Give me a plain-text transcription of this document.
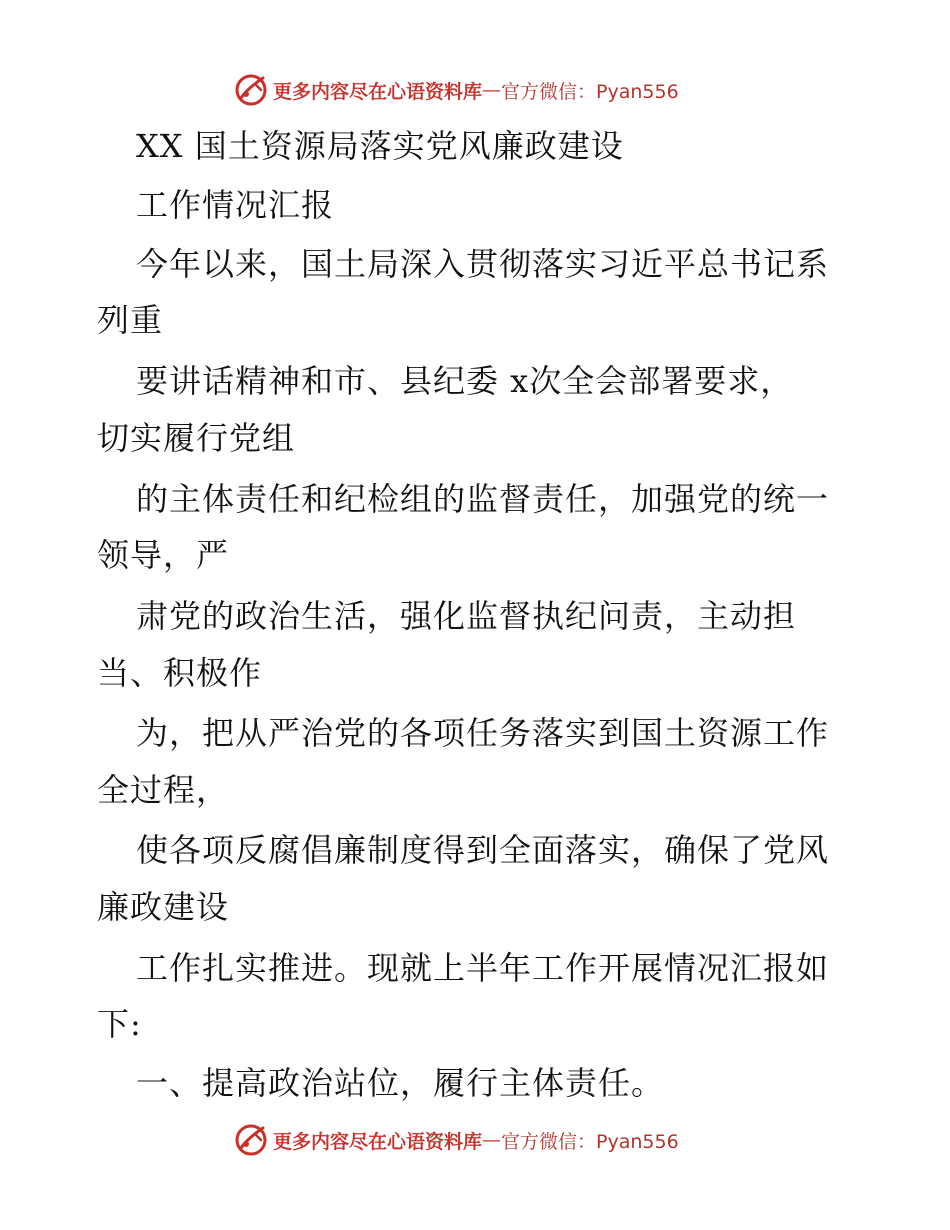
更多内容尽在心语资料库 — 官方微信：Pyan556
XX 国土资源局落实党风廉政建设
工作情况汇报
今年以来，国土局深入贯彻落实习近平总书记系
列重
要讲话精神和市、县纪委 x次全会部署要求，
切实履行党组
的主体责任和纪检组的监督责任，加强党的统一
领导，严
肃党的政治生活，强化监督执纪问责，主动担
当、积极作
为，把从严治党的各项任务落实到国土资源工作
全过程，
使各项反腐倡廉制度得到全面落实，确保了党风
廉政建设
工作扎实推进。现就上半年工作开展情况汇报如
下:
一、提高政治站位，履行主体责任。
更多内容尽在心语资料库 — 官方微信：Pyan556
